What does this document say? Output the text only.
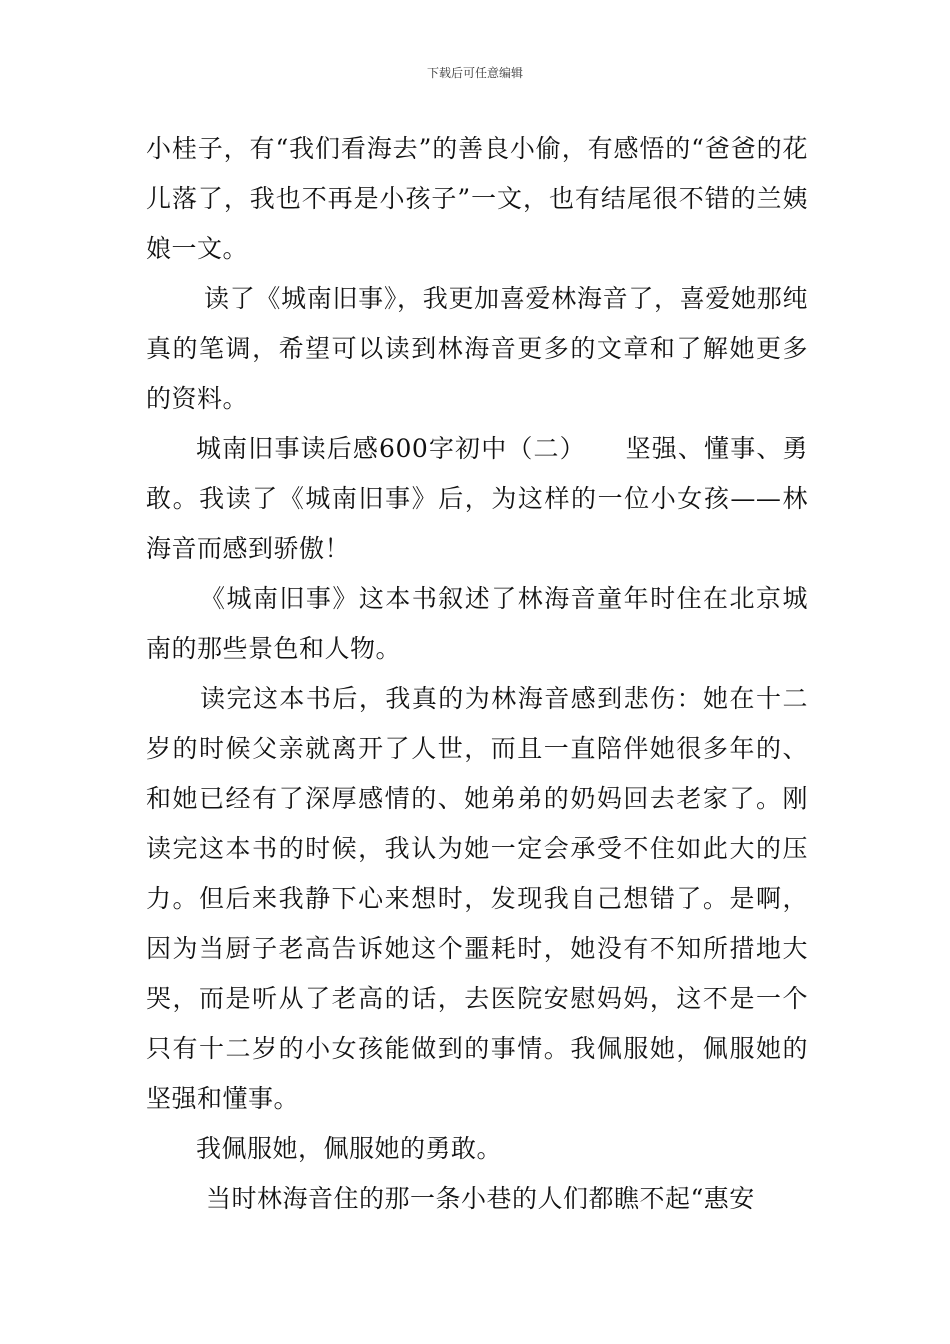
下载后可任意编辑

小桂子，有“我们看海去”的善良小偷，有感悟的“爸爸的花儿落了，我也不再是小孩子”一文，也有结尾很不错的兰姨娘一文。

读了《城南旧事》，我更加喜爱林海音了，喜爱她那纯真的笔调，希望可以读到林海音更多的文章和了解她更多的资料。

城南旧事读后感600字初中（二）　　坚强、懂事、勇敢。我读了《城南旧事》后，为这样的一位小女孩——林海音而感到骄傲！

《城南旧事》这本书叙述了林海音童年时住在北京城南的那些景色和人物。

读完这本书后，我真的为林海音感到悲伤：她在十二岁的时候父亲就离开了人世，而且一直陪伴她很多年的、和她已经有了深厚感情的、她弟弟的奶妈回去老家了。刚读完这本书的时候，我认为她一定会承受不住如此大的压力。但后来我静下心来想时，发现我自己想错了。是啊，因为当厨子老高告诉她这个噩耗时，她没有不知所措地大哭，而是听从了老高的话，去医院安慰妈妈，这不是一个只有十二岁的小女孩能做到的事情。我佩服她，佩服她的坚强和懂事。

我佩服她，佩服她的勇敢。

当时林海音住的那一条小巷的人们都瞧不起“惠安
